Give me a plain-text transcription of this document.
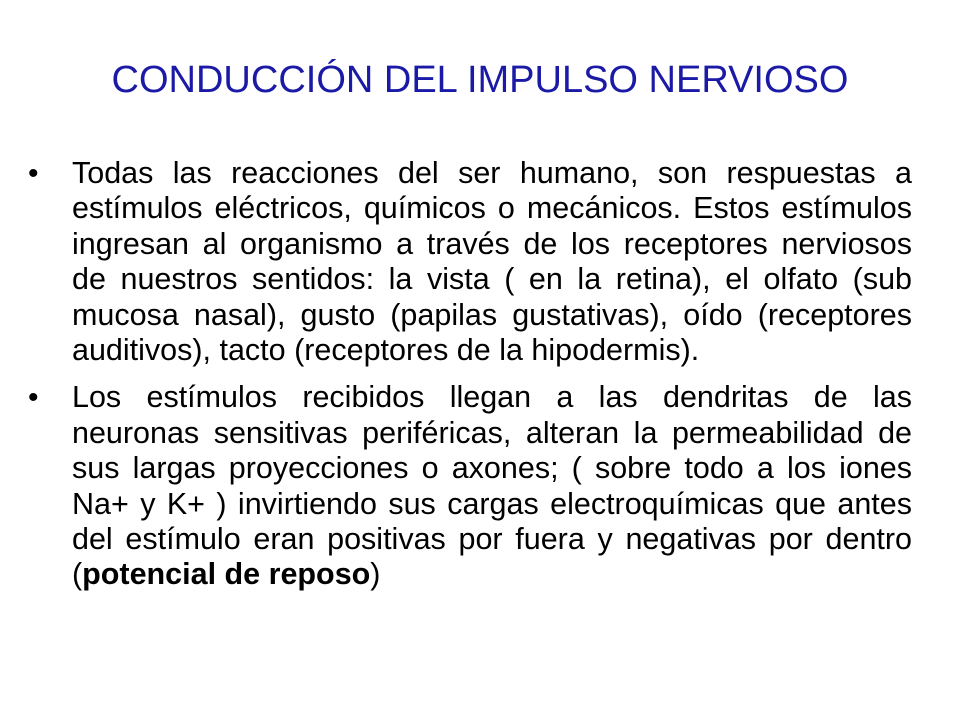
CONDUCCIÓN DEL IMPULSO NERVIOSO
•	Todas las reacciones del ser humano, son respuestas a estímulos eléctricos, químicos o mecánicos. Estos estímulos ingresan al organismo a través de los receptores nerviosos de nuestros sentidos: la vista ( en la retina), el olfato (sub mucosa nasal), gusto (papilas gustativas), oído (receptores auditivos), tacto (receptores de la hipodermis).
•	Los estímulos recibidos llegan a las dendritas de las neuronas sensitivas periféricas, alteran la permeabilidad de sus largas proyecciones o axones; ( sobre todo a los iones Na+ y K+ ) invirtiendo sus cargas electroquímicas que antes del estímulo eran positivas por fuera y negativas por dentro (potencial de reposo)
